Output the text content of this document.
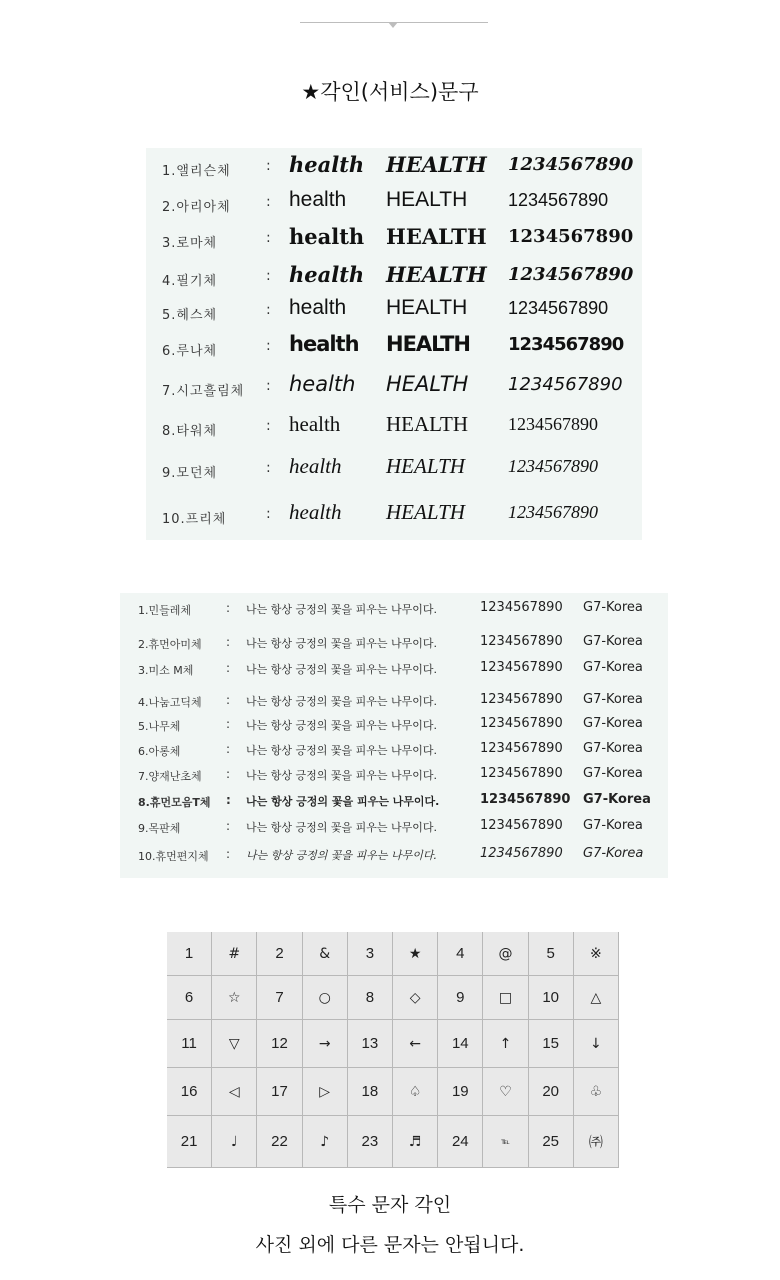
★각인(서비스)문구
1.앨리슨체	: health HEALTH 1234567890
2.아리아체	: health HEALTH 1234567890
3.로마체	: health HEALTH 1234567890
4.필기체	: health HEALTH 1234567890
5.헤스체	: health HEALTH 1234567890
6.루나체	: health HEALTH 1234567890
7.시고흘림체 : health HEALTH 1234567890
8.타워체	: health HEALTH 1234567890
9.모던체	: health HEALTH 1234567890
10.프리체	: health HEALTH 1234567890
1.민들레체	: 나는 항상 긍정의 꽃을 피우는 나무이다.	1234567890 G7-Korea
2.휴먼아미체 : 나는 항상 긍정의 꽃을 피우는 나무이다.	1234567890 G7-Korea
3.미소 M체	: 나는 항상 긍정의 꽃을 피우는 나무이다.	1234567890 G7-Korea
4.나눔고딕체 : 나는 항상 긍정의 꽃을 피우는 나무이다.	1234567890 G7-Korea
5.나무체	: 나는 항상 긍정의 꽃을 피우는 나무이다.	1234567890 G7-Korea
6.아롱체	: 나는 항상 긍정의 꽃을 피우는 나무이다.	1234567890 G7-Korea
7.양재난초체 : 나는 항상 긍정의 꽃을 피우는 나무이다.	1234567890 G7-Korea
8.휴먼모음T체 : 나는 항상 긍정의 꽃을 피우는 나무이다.	1234567890 G7-Korea
9.목판체	: 나는 항상 긍정의 꽃을 피우는 나무이다.	1234567890 G7-Korea
10.휴먼편지체 : 나는 항상 긍정의 꽃을 피우는 나무이다.	1234567890 G7-Korea
1	#	2	&	3	★	4	@	5	※
6	☆	7	○	8	◇	9	□	10	△
11	▽	12	→	13	←	14	↑	15	↓
16	◁	17	▷	18	♤	19	♡	20	♧
21	♩	22	♪	23	♬	24	℡	25	㈜
특수 문자 각인
사진 외에 다른 문자는 안됩니다.
